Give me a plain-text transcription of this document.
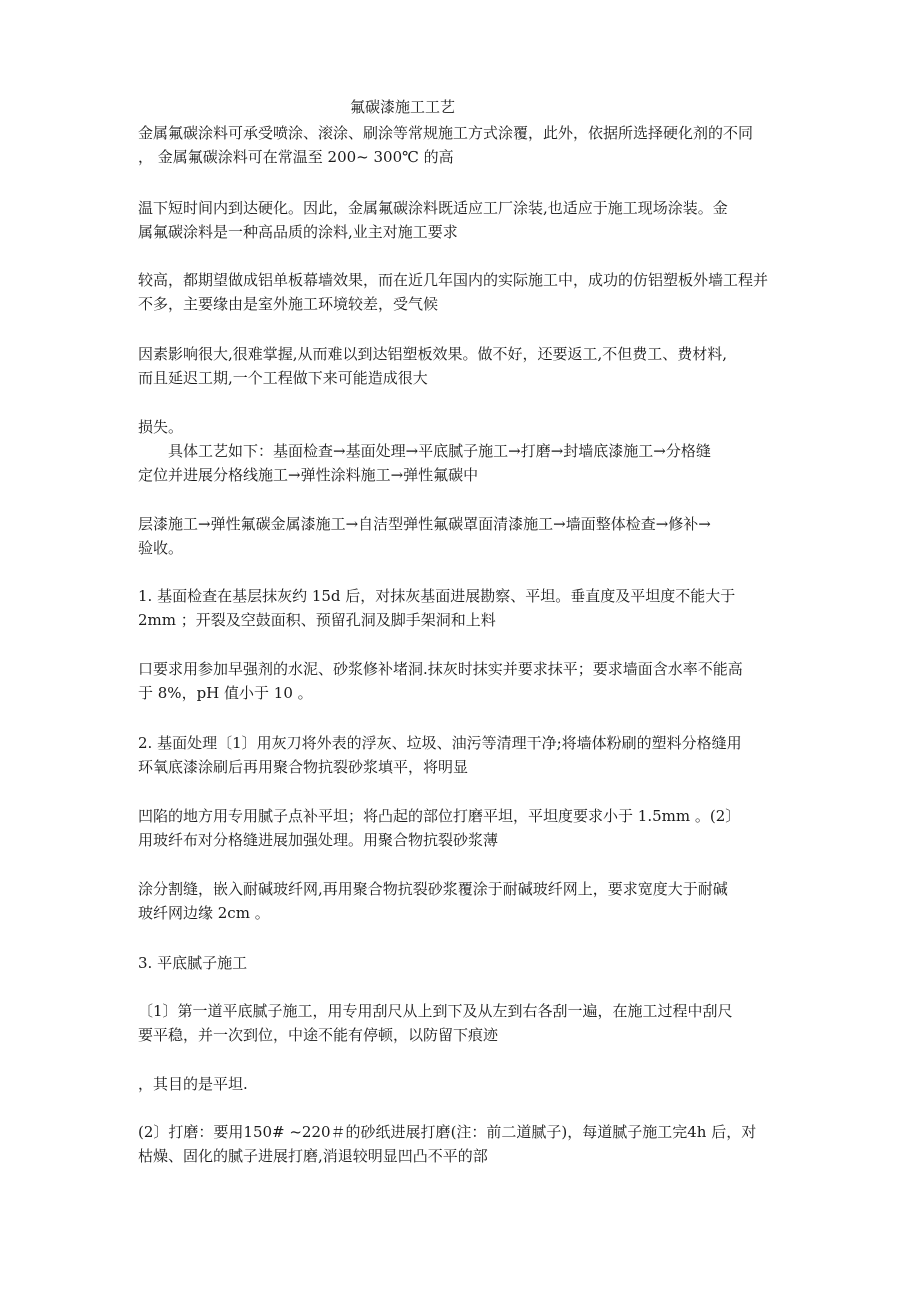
氟碳漆施工工艺
金属氟碳涂料可承受喷涂、滚涂、刷涂等常规施工方式涂覆，此外，依据所选择硬化剂的不同
， 金属氟碳涂料可在常温至 200~ 300℃ 的高
温下短时间内到达硬化。因此，金属氟碳涂料既适应工厂涂装,也适应于施工现场涂装。金
属氟碳涂料是一种高品质的涂料,业主对施工要求
较高，都期望做成铝单板幕墙效果，而在近几年国内的实际施工中，成功的仿铝塑板外墙工程并
不多，主要缘由是室外施工环境较差，受气候
因素影响很大,很难掌握,从而难以到达铝塑板效果。做不好，还要返工,不但费工、费材料,
而且延迟工期,一个工程做下来可能造成很大
损失。
具体工艺如下：基面检查→基面处理→平底腻子施工→打磨→封墙底漆施工→分格缝
定位并进展分格线施工→弹性涂料施工→弹性氟碳中
层漆施工→弹性氟碳金属漆施工→自洁型弹性氟碳罩面清漆施工→墙面整体检查→修补→
验收。
1. 基面检查在基层抹灰约 15d 后，对抹灰基面进展勘察、平坦。垂直度及平坦度不能大于
2mm ；开裂及空鼓面积、预留孔洞及脚手架洞和上料
口要求用参加早强剂的水泥、砂浆修补堵洞.抹灰时抹实并要求抹平；要求墙面含水率不能高
于 8%，pH 值小于 10 。
2. 基面处理〔1〕用灰刀将外表的浮灰、垃圾、油污等清理干净;将墙体粉刷的塑料分格缝用
环氧底漆涂刷后再用聚合物抗裂砂浆填平，将明显
凹陷的地方用专用腻子点补平坦；将凸起的部位打磨平坦，平坦度要求小于 1.5mm 。(2〕
用玻纤布对分格缝进展加强处理。用聚合物抗裂砂浆薄
涂分割缝，嵌入耐碱玻纤网,再用聚合物抗裂砂浆覆涂于耐碱玻纤网上，要求宽度大于耐碱
玻纤网边缘 2cm 。
3. 平底腻子施工
〔1〕第一道平底腻子施工，用专用刮尺从上到下及从左到右各刮一遍，在施工过程中刮尺
要平稳，并一次到位，中途不能有停顿，以防留下痕迹
，其目的是平坦.
(2〕打磨：要用150# ~220＃的砂纸进展打磨(注：前二道腻子)，每道腻子施工完4h 后，对
枯燥、固化的腻子进展打磨,消退较明显凹凸不平的部
